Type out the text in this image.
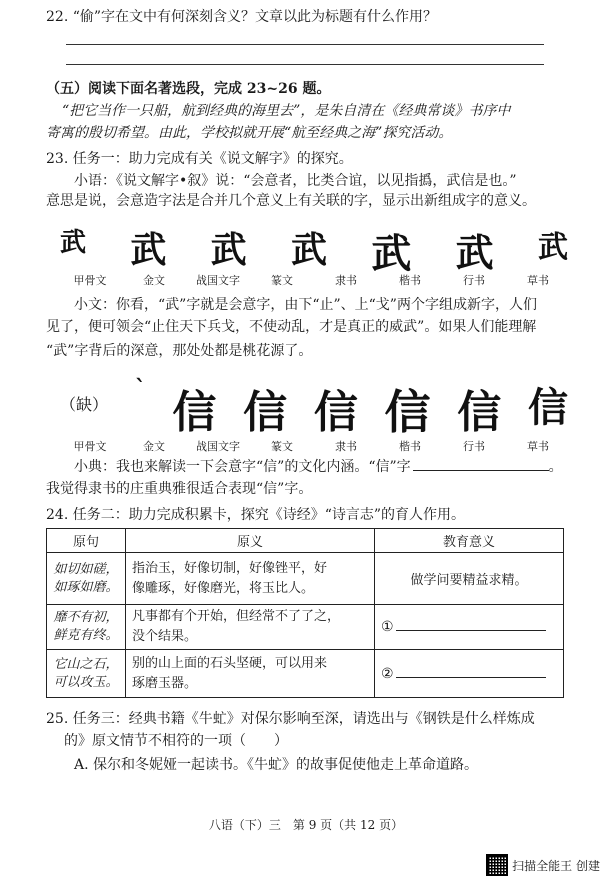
22. “偷”字在文中有何深刻含义？文章以此为标题有什么作用？
（五）阅读下面名著选段，完成 23~26 题。
“把它当作一只船，航到经典的海里去”，是朱自清在《经典常谈》书序中
寄寓的殷切希望。由此，学校拟就开展“航至经典之海”探究活动。
23. 任务一：助力完成有关《说文解字》的探究。
小语：《说文解字•叙》说：“会意者，比类合谊，以见指撝，武信是也。”
意思是说，会意造字法是合并几个意义上有关联的字，显示出新组成字的意义。
武 武 武 武 武 武 武
甲骨文	金文	战国文字	篆文	隶书	楷书	行书	草书
小文：你看，“武”字就是会意字，由下“止”、上“戈”两个字组成新字，人们
见了，便可领会“止住天下兵戈，不使动乱，才是真正的威武”。如果人们能理解
“武”字背后的深意，那处处都是桃花源了。
（缺）
` 信 信 信 信 信 信
甲骨文	金文	战国文字	篆文	隶书	楷书	行书	草书
小典：我也来解读一下会意字“信”的文化内涵。“信”字	。
我觉得隶书的庄重典雅很适合表现“信”字。
24. 任务二：助力完成积累卡，探究《诗经》“诗言志”的育人作用。
原句	原义	教育意义
如切如磋，
如琢如磨。	指治玉，好像切制，好像锉平，好
像雕琢，好像磨光，将玉比人。	做学问要精益求精。
靡不有初，
鲜克有终。	凡事都有个开始，但经常不了了之，
没个结果。	①
它山之石，
可以攻玉。	别的山上面的石头坚硬，可以用来
琢磨玉器。	②
25. 任务三：经典书籍《牛虻》对保尔影响至深，请选出与《钢铁是什么样炼成
的》原文情节不相符的一项（　　）
A. 保尔和冬妮娅一起读书。《牛虻》的故事促使他走上革命道路。
八语（下）三　第 9 页（共 12 页）
扫描全能王 创建
